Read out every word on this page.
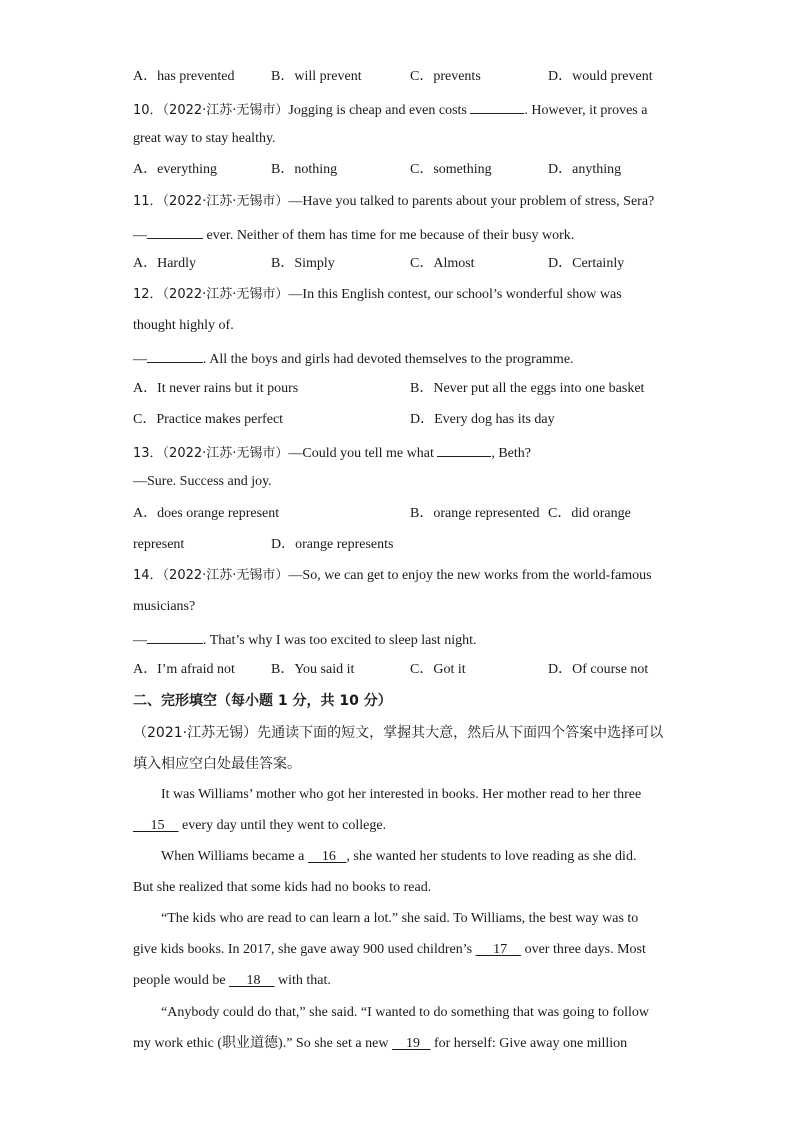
A．has prevented	B．will prevent	C．prevents	D．would prevent
10．（2022·江苏·无锡市）Jogging is cheap and even costs	. However, it proves a
great way to stay healthy.
A．everything	B．nothing	C．something	D．anything
11．（2022·江苏·无锡市）—Have you talked to parents about your problem of stress, Sera?
—	ever. Neither of them has time for me because of their busy work.
A．Hardly	B．Simply	C．Almost	D．Certainly
12．（2022·江苏·无锡市）—In this English contest, our school’s wonderful show was
thought highly of.
—	. All the boys and girls had devoted themselves to the programme.
A．It never rains but it pours	B．Never put all the eggs into one basket
C．Practice makes perfect	D．Every dog has its day
13．（2022·江苏·无锡市）—Could you tell me what	, Beth?
—Sure. Success and joy.
A．does orange represent	B．orange represented C．did orange
represent	D．orange represents
14．（2022·江苏·无锡市）—So, we can get to enjoy the new works from the world-famous
musicians?
—	. That’s why I was too excited to sleep last night.
A．I’m afraid not	B．You said it	C．Got it	D．Of course not
二、完形填空（每小题 1 分，共 10 分）
（2021·江苏无锡）先通读下面的短文，掌握其大意，然后从下面四个答案中选择可以
填入相应空白处最佳答案。
It was Williams’ mother who got her interested in books. Her mother read to her three
15     every day until they went to college.
When Williams became a     16 , she wanted her students to love reading as she did.
But she realized that some kids had no books to read.
“The kids who are read to can learn a lot.” she said. To Williams, the best way was to
give kids books. In 2017, she gave away 900 used children’s      17     over three days. Most
people would be      18     with that.
“Anybody could do that,” she said. “I wanted to do something that was going to follow
my work ethic (职业道德).” So she set a new     19    for herself: Give away one million
